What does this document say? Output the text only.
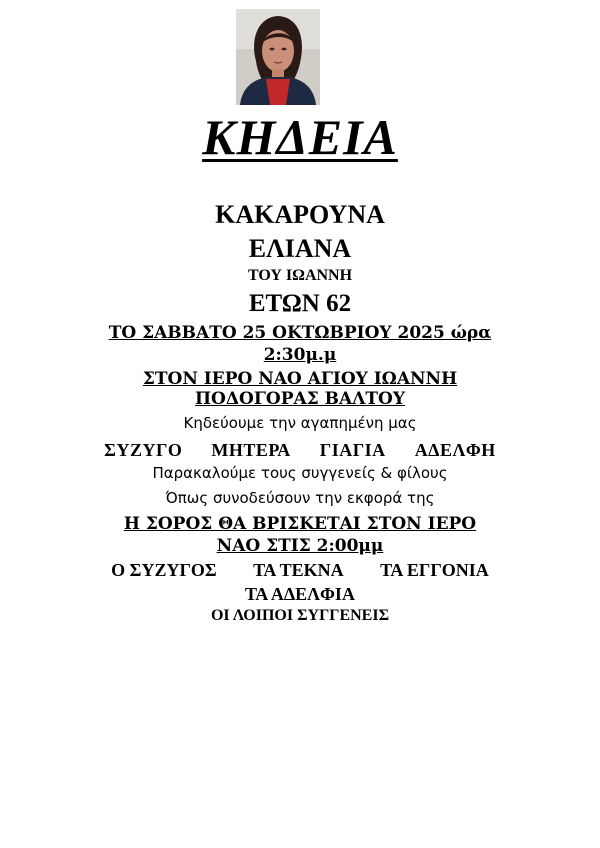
ΚΗΔΕΙΑ
ΚΑΚΑΡΟΥΝΑ
ΕΛΙΑΝΑ
ΤΟΥ ΙΩΑΝΝΗ
ΕΤΩΝ 62
ΤΟ ΣΑΒΒΑΤΟ 25 ΟΚΤΩΒΡΙΟΥ 2025 ώρα
2:30μ.μ
ΣΤΟΝ ΙΕΡΟ ΝΑΟ ΑΓΙΟΥ ΙΩΑΝΝΗ
ΠΟΔΟΓΟΡΑΣ ΒΑΛΤΟΥ
Κηδεύουμε την αγαπημένη μας
ΣΥΖΥΓΟ ΜΗΤΕΡΑ ΓΙΑΓΙΑ ΑΔΕΛΦΗ
Παρακαλούμε τους συγγενείς & φίλους
Όπως συνοδεύσουν την εκφορά της
Η ΣΟΡΟΣ ΘΑ ΒΡΙΣΚΕΤΑΙ ΣΤΟΝ ΙΕΡΟ
ΝΑΟ ΣΤΙΣ 2:00μμ
Ο ΣΥΖΥΓΟΣ ΤΑ ΤΕΚΝΑ ΤΑ ΕΓΓΟΝΙΑ
ΤΑ ΑΔΕΛΦΙΑ
ΟΙ ΛΟΙΠΟΙ ΣΥΓΓΕΝΕΙΣ
